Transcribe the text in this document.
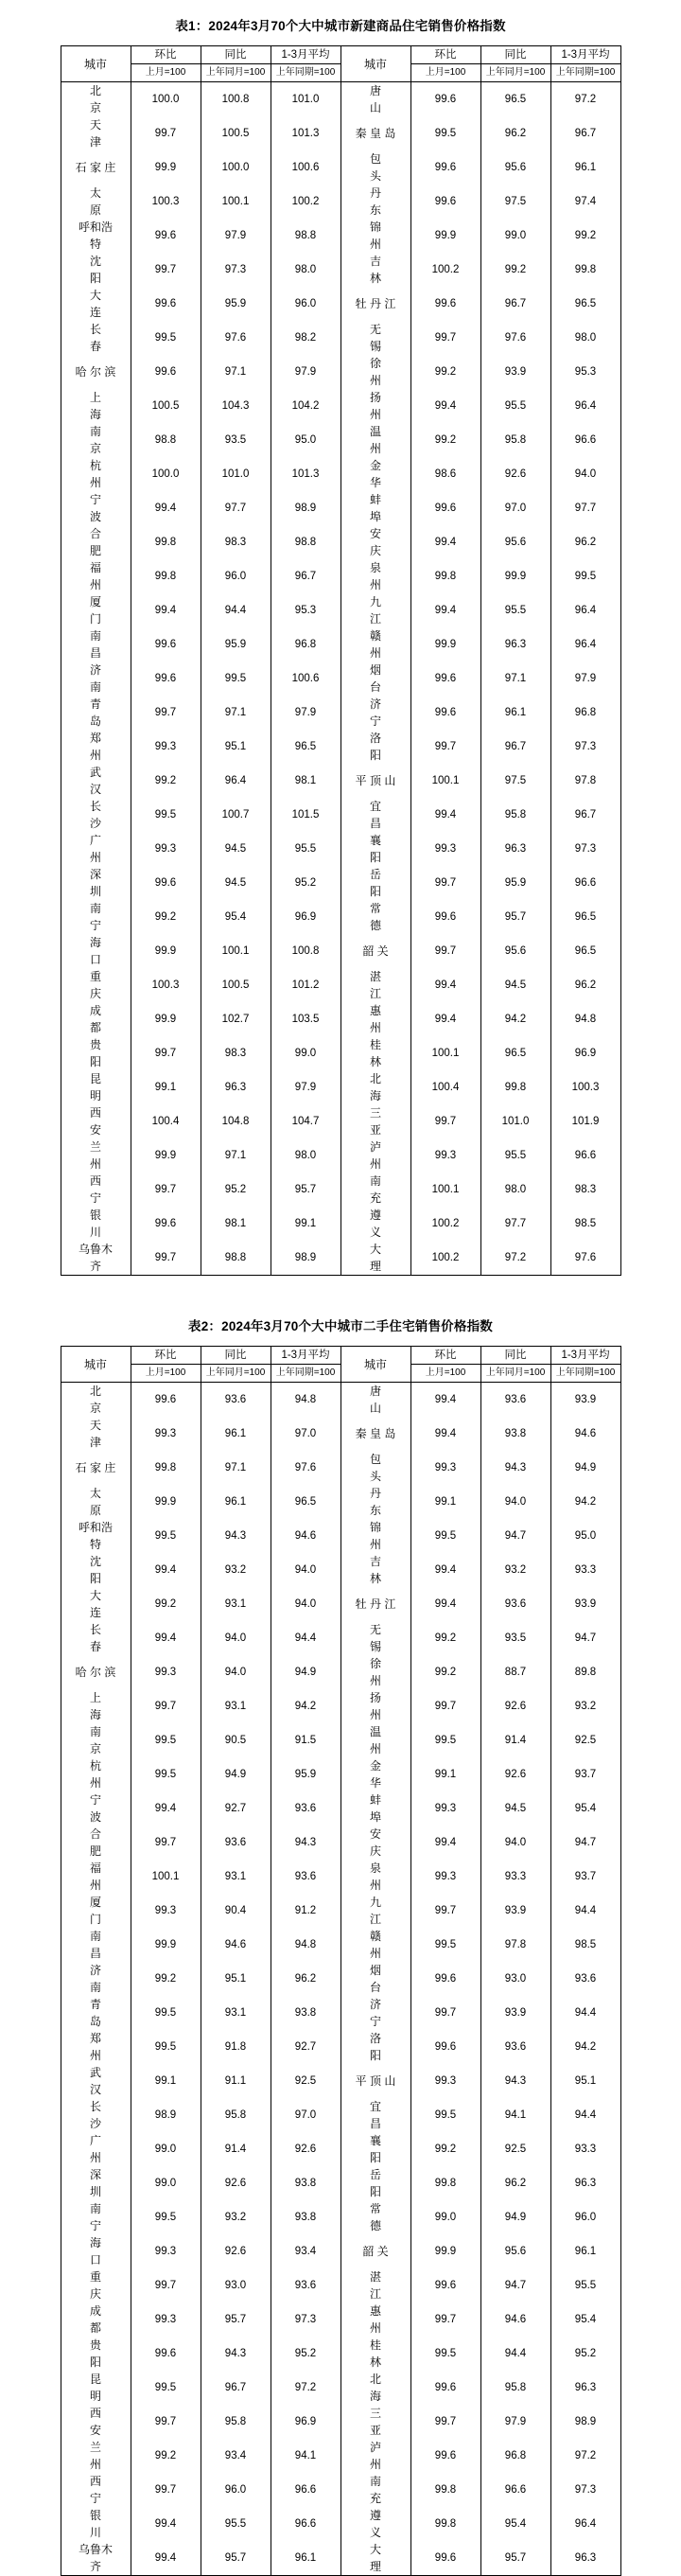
表1：2024年3月70个大中城市新建商品住宅销售价格指数
城市	环比	同比	1-3月平均	城市	环比	同比	1-3月平均
	上月=100	上年同月=100	上年同期=100		上月=100	上年同月=100	上年同期=100

北　　京	100.0	100.8	101.0	唐　　山	99.6	96.5	97.2

天　　津	99.7	100.5	101.3	秦 皇 岛	99.5	96.2	96.7

石 家 庄	99.9	100.0	100.6	包　　头	99.6	95.6	96.1

太　　原	100.3	100.1	100.2	丹　　东	99.6	97.5	97.4

呼和浩特	99.6	97.9	98.8	锦　　州	99.9	99.0	99.2

沈　　阳	99.7	97.3	98.0	吉　　林	100.2	99.2	99.8

大　　连	99.6	95.9	96.0	牡 丹 江	99.6	96.7	96.5

长　　春	99.5	97.6	98.2	无　　锡	99.7	97.6	98.0

哈 尔 滨	99.6	97.1	97.9	徐　　州	99.2	93.9	95.3

上　　海	100.5	104.3	104.2	扬　　州	99.4	95.5	96.4

南　　京	98.8	93.5	95.0	温　　州	99.2	95.8	96.6

杭　　州	100.0	101.0	101.3	金　　华	98.6	92.6	94.0

宁　　波	99.4	97.7	98.9	蚌　　埠	99.6	97.0	97.7

合　　肥	99.8	98.3	98.8	安　　庆	99.4	95.6	96.2

福　　州	99.8	96.0	96.7	泉　　州	99.8	99.9	99.5

厦　　门	99.4	94.4	95.3	九　　江	99.4	95.5	96.4

南　　昌	99.6	95.9	96.8	赣　　州	99.9	96.3	96.4

济　　南	99.6	99.5	100.6	烟　　台	99.6	97.1	97.9

青　　岛	99.7	97.1	97.9	济　　宁	99.6	96.1	96.8

郑　　州	99.3	95.1	96.5	洛　　阳	99.7	96.7	97.3

武　　汉	99.2	96.4	98.1	平 顶 山	100.1	97.5	97.8

长　　沙	99.5	100.7	101.5	宜　　昌	99.4	95.8	96.7

广　　州	99.3	94.5	95.5	襄　　阳	99.3	96.3	97.3

深　　圳	99.6	94.5	95.2	岳　　阳	99.7	95.9	96.6

南　　宁	99.2	95.4	96.9	常　　德	99.6	95.7	96.5

海　　口	99.9	100.1	100.8	韶 关	99.7	95.6	96.5

重　　庆	100.3	100.5	101.2	湛　　江	99.4	94.5	96.2

成　　都	99.9	102.7	103.5	惠　　州	99.4	94.2	94.8

贵　　阳	99.7	98.3	99.0	桂　　林	100.1	96.5	96.9

昆　　明	99.1	96.3	97.9	北　　海	100.4	99.8	100.3

西　　安	100.4	104.8	104.7	三　　亚	99.7	101.0	101.9

兰　　州	99.9	97.1	98.0	泸　　州	99.3	95.5	96.6

西　　宁	99.7	95.2	95.7	南　　充	100.1	98.0	98.3

银　　川	99.6	98.1	99.1	遵　　义	100.2	97.7	98.5

乌鲁木齐	99.7	98.8	98.9	大　　理	100.2	97.2	97.6
表2：2024年3月70个大中城市二手住宅销售价格指数
城市	环比	同比	1-3月平均	城市	环比	同比	1-3月平均
	上月=100	上年同月=100	上年同期=100		上月=100	上年同月=100	上年同期=100

北　　京	99.6	93.6	94.8	唐　　山	99.4	93.6	93.9

天　　津	99.3	96.1	97.0	秦 皇 岛	99.4	93.8	94.6

石 家 庄	99.8	97.1	97.6	包　　头	99.3	94.3	94.9

太　　原	99.9	96.1	96.5	丹　　东	99.1	94.0	94.2

呼和浩特	99.5	94.3	94.6	锦　　州	99.5	94.7	95.0

沈　　阳	99.4	93.2	94.0	吉　　林	99.4	93.2	93.3

大　　连	99.2	93.1	94.0	牡 丹 江	99.4	93.6	93.9

长　　春	99.4	94.0	94.4	无　　锡	99.2	93.5	94.7

哈 尔 滨	99.3	94.0	94.9	徐　　州	99.2	88.7	89.8

上　　海	99.7	93.1	94.2	扬　　州	99.7	92.6	93.2

南　　京	99.5	90.5	91.5	温　　州	99.5	91.4	92.5

杭　　州	99.5	94.9	95.9	金　　华	99.1	92.6	93.7

宁　　波	99.4	92.7	93.6	蚌　　埠	99.3	94.5	95.4

合　　肥	99.7	93.6	94.3	安　　庆	99.4	94.0	94.7

福　　州	100.1	93.1	93.6	泉　　州	99.3	93.3	93.7

厦　　门	99.3	90.4	91.2	九　　江	99.7	93.9	94.4

南　　昌	99.9	94.6	94.8	赣　　州	99.5	97.8	98.5

济　　南	99.2	95.1	96.2	烟　　台	99.6	93.0	93.6

青　　岛	99.5	93.1	93.8	济　　宁	99.7	93.9	94.4

郑　　州	99.5	91.8	92.7	洛　　阳	99.6	93.6	94.2

武　　汉	99.1	91.1	92.5	平 顶 山	99.3	94.3	95.1

长　　沙	98.9	95.8	97.0	宜　　昌	99.5	94.1	94.4

广　　州	99.0	91.4	92.6	襄　　阳	99.2	92.5	93.3

深　　圳	99.0	92.6	93.8	岳　　阳	99.8	96.2	96.3

南　　宁	99.5	93.2	93.8	常　　德	99.0	94.9	96.0

海　　口	99.3	92.6	93.4	韶 关	99.9	95.6	96.1

重　　庆	99.7	93.0	93.6	湛　　江	99.6	94.7	95.5

成　　都	99.3	95.7	97.3	惠　　州	99.7	94.6	95.4

贵　　阳	99.6	94.3	95.2	桂　　林	99.5	94.4	95.2

昆　　明	99.5	96.7	97.2	北　　海	99.6	95.8	96.3

西　　安	99.7	95.8	96.9	三　　亚	99.7	97.9	98.9

兰　　州	99.2	93.4	94.1	泸　　州	99.6	96.8	97.2

西　　宁	99.7	96.0	96.6	南　　充	99.8	96.6	97.3

银　　川	99.4	95.5	96.6	遵　　义	99.8	95.4	96.4

乌鲁木齐	99.4	95.7	96.1	大　　理	99.6	95.7	96.3
